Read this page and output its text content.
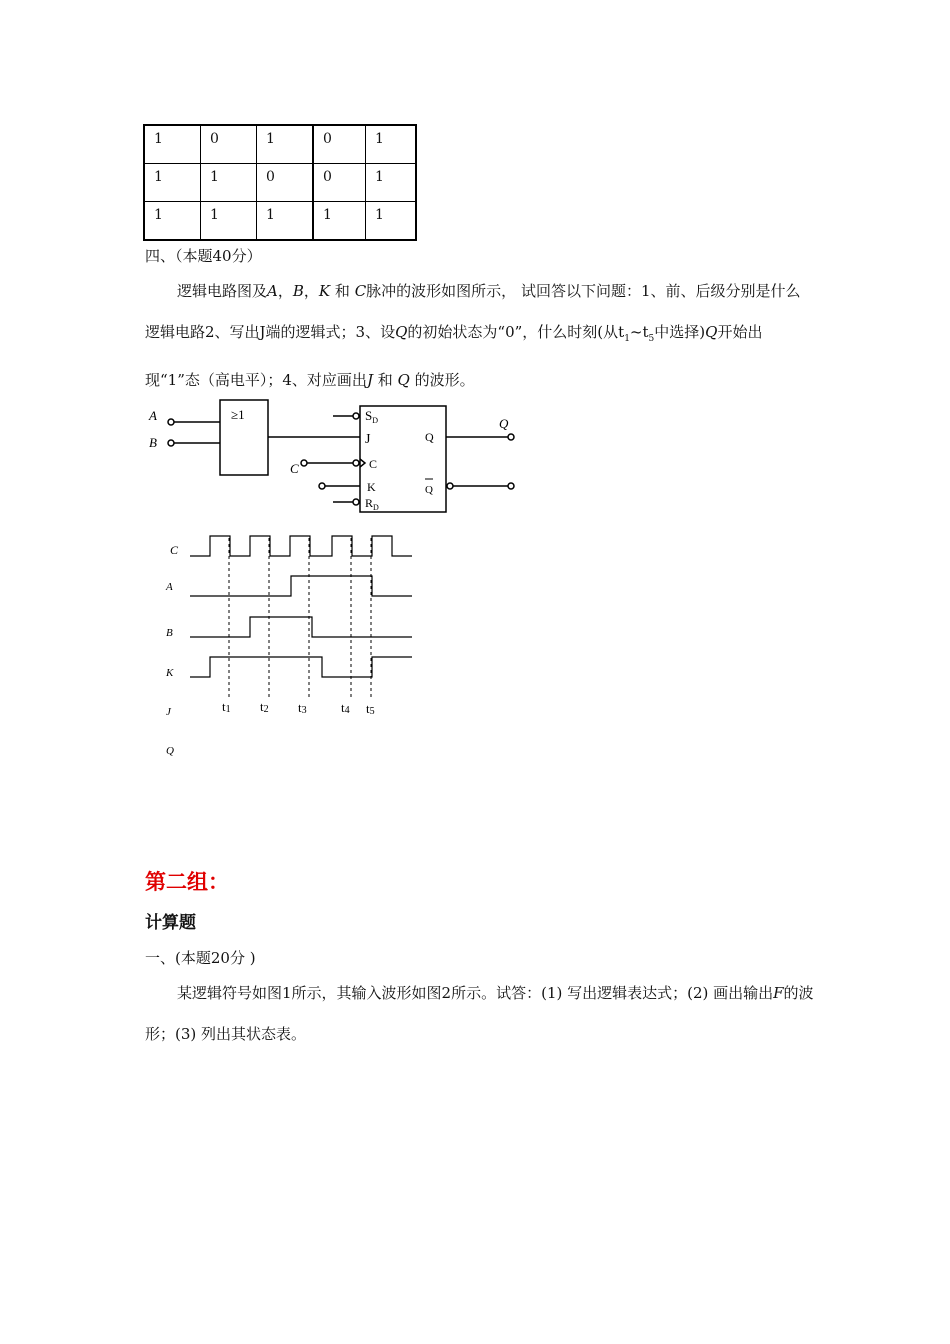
1	0	1	0	1
1	1	0	0	1
1	1	1	1	1
四、（本题40分）

逻辑电路图及A，B，K 和 C脉冲的波形如图所示， 试回答以下问题：1、前、后级分别是什么逻辑电路2、写出J端的逻辑式；3、设Q的初始状态为“0”，什么时刻(从$t_1\sim t_5$中选择)Q开始出现“1”态（高电平）；4、对应画出J 和 Q 的波形。

A
B
≥1	$S_D$
J
C
K
$R_D$
Q
Q
C
Q
C
A
B
K
J
Q
t1 t2 t3	t4 t5
第二组：
计算题
一、(本题20分 )

某逻辑符号如图1所示，其输入波形如图2所示。试答：(1) 写出逻辑表达式；(2) 画出输出F的波形；(3) 列出其状态表。
